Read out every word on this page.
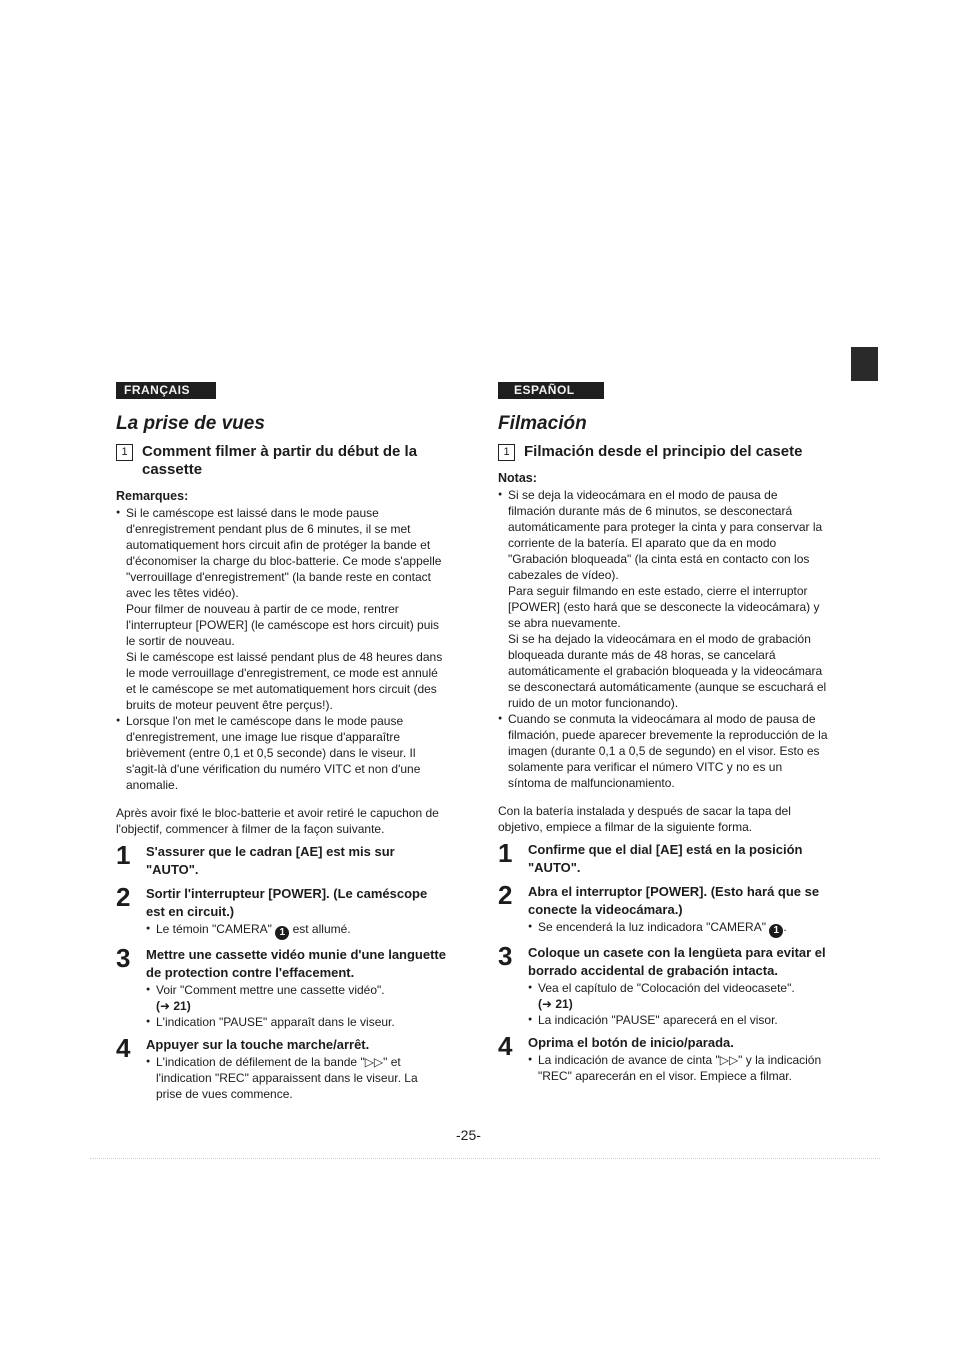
FRANÇAIS
La prise de vues
1 Comment filmer à partir du début de la cassette
Remarques:
● Si le caméscope est laissé dans le mode pause d'enregistrement pendant plus de 6 minutes, il se met automatiquement hors circuit afin de protéger la bande et d'économiser la charge du bloc-batterie. Ce mode s'appelle "verrouillage d'enregistrement" (la bande reste en contact avec les têtes vidéo).
Pour filmer de nouveau à partir de ce mode, rentrer l'interrupteur [POWER] (le caméscope est hors circuit) puis le sortir de nouveau.
Si le caméscope est laissé pendant plus de 48 heures dans le mode verrouillage d'enregistrement, ce mode est annulé et le caméscope se met automatiquement hors circuit (des bruits de moteur peuvent être perçus!).
● Lorsque l'on met le caméscope dans le mode pause d'enregistrement, une image lue risque d'apparaître brièvement (entre 0,1 et 0,5 seconde) dans le viseur. Il s'agit-là d'une vérification du numéro VITC et non d'une anomalie.
Après avoir fixé le bloc-batterie et avoir retiré le capuchon de l'objectif, commencer à filmer de la façon suivante.
1	S'assurer que le cadran [AE] est mis sur "AUTO".
2	Sortir l'interrupteur [POWER]. (Le caméscope est en circuit.)
● Le témoin "CAMERA" 1 est allumé.
3	Mettre une cassette vidéo munie d'une languette de protection contre l'effacement.
● Voir "Comment mettre une cassette vidéo".
(➜ 21)
● L'indication "PAUSE" apparaît dans le viseur.
4	Appuyer sur la touche marche/arrêt.
● L'indication de défilement de la bande "▷▷" et l'indication "REC" apparaissent dans le viseur. La prise de vues commence.
ESPAÑOL
Filmación
1 Filmación desde el principio del casete
Notas:
● Si se deja la videocámara en el modo de pausa de filmación durante más de 6 minutos, se desconectará automáticamente para proteger la cinta y para conservar la corriente de la batería. El aparato que da en modo "Grabación bloqueada" (la cinta está en contacto con los cabezales de vídeo).
Para seguir filmando en este estado, cierre el interruptor [POWER] (esto hará que se desconecte la videocámara) y se abra nuevamente.
Si se ha dejado la videocámara en el modo de grabación bloqueada durante más de 48 horas, se cancelará automáticamente el grabación bloqueada y la videocámara se desconectará automáticamente (aunque se escuchará el ruido de un motor funcionando).
● Cuando se conmuta la videocámara al modo de pausa de filmación, puede aparecer brevemente la reproducción de la imagen (durante 0,1 a 0,5 de segundo) en el visor. Esto es solamente para verificar el número VITC y no es un síntoma de malfuncionamiento.
Con la batería instalada y después de sacar la tapa del objetivo, empiece a filmar de la siguiente forma.
1	Confirme que el dial [AE] está en la posición "AUTO".
2	Abra el interruptor [POWER]. (Esto hará que se conecte la videocámara.)
● Se encenderá la luz indicadora "CAMERA" 1 .
3	Coloque un casete con la lengüeta para evitar el borrado accidental de grabación intacta.
● Vea el capítulo de "Colocación del videocasete".
(➜ 21)
● La indicación "PAUSE" aparecerá en el visor.
4	Oprima el botón de inicio/parada.
● La indicación de avance de cinta "▷▷" y la indicación "REC" aparecerán en el visor. Empiece a filmar.
-25-
